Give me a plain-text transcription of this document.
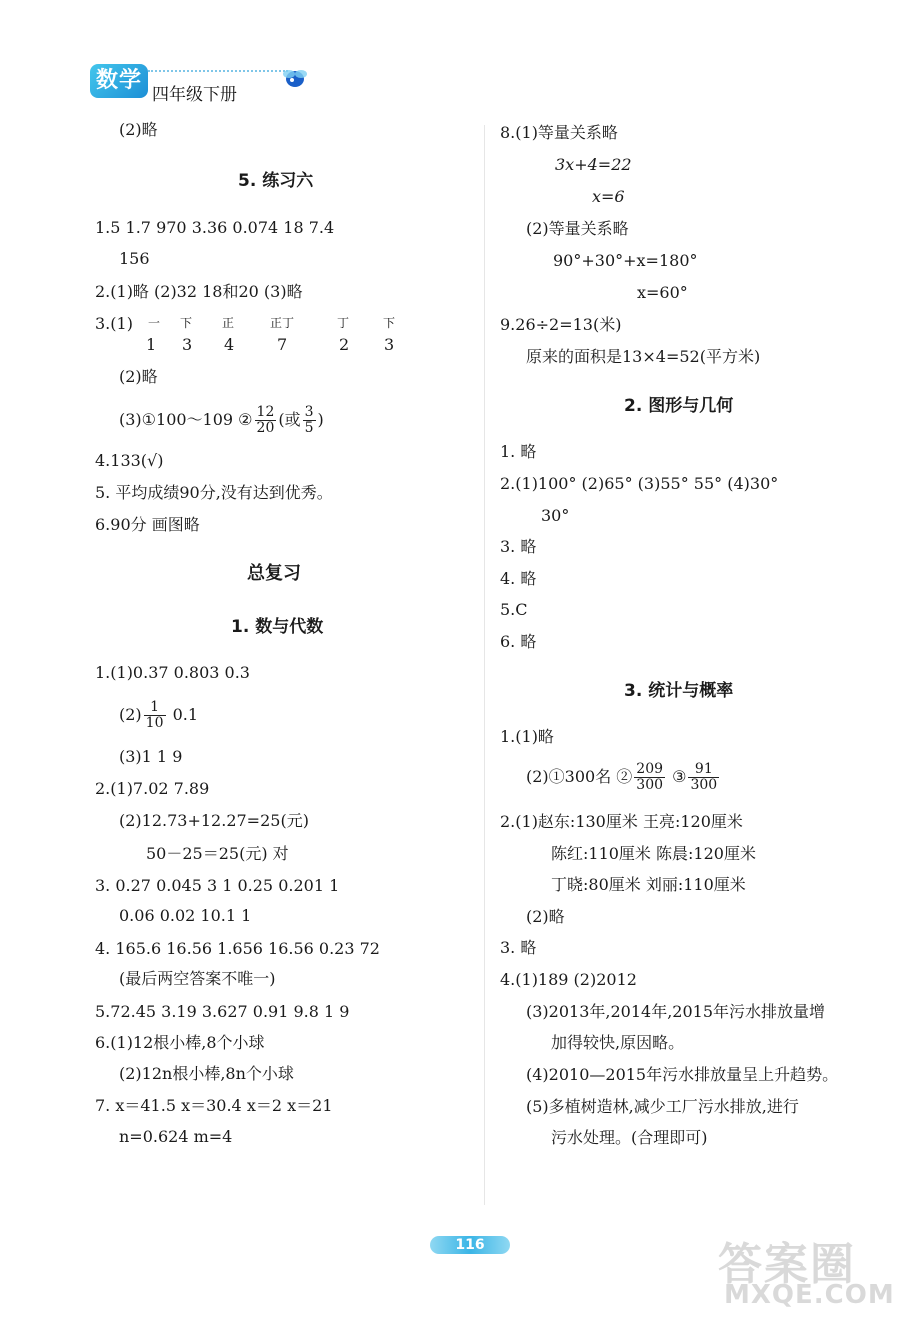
数学
四年级下册
(2)略
5. 练习六
1.5 1.7 970 3.36 0.074 18 7.4
156
2.(1)略 (2)32 18和20 (3)略
3.(1) 一 下 正	正丁	丁	下
1 3 4	7	2 3
(2)略
(3)①100～109 ② $\frac{12}{20}$ (或 $\frac{3}{5}$ )
4.133(√)
5. 平均成绩90分,没有达到优秀。
6.90分 画图略
总复习
1. 数与代数
1.(1)0.37 0.803 0.3
$(2) \frac{1}{10} 0.1$
(3)1 1 9
2.(1)7.02 7.89
(2)12.73+12.27=25(元)
50－25＝25(元) 对
3. 0.27 0.045 3 1 0.25 0.201 1
0.06 0.02 10.1 1
4. 165.6 16.56 1.656 16.56 0.23 72
(最后两空答案不唯一)
5.72.45 3.19 3.627 0.91 9.8 1 9
6.(1)12根小棒,8个小球
(2)12n根小棒,8n个小球
7. x＝41.5 x＝30.4 x＝2 x＝21
n=0.624 m=4
8.(1)等量关系略
3x+4=22
x=6
(2)等量关系略
90°+30°+x=180°
x=60°
9.26÷2=13(米)
原来的面积是13×4=52(平方米)
2. 图形与几何
1. 略
2.(1)100° (2)65° (3)55° 55° (4)30°
30°
3. 略
4. 略
5.C
6. 略
3. 统计与概率
1.(1)略
(2)①300名 ② $\frac{209}{300}$ ③ $\frac{91}{300}$
2.(1)赵东:130厘米 王亮:120厘米
陈红:110厘米 陈晨:120厘米
丁晓:80厘米 刘丽:110厘米
(2)略
3. 略
4.(1)189 (2)2012
(3)2013年,2014年,2015年污水排放量增
加得较快,原因略。
(4)2010—2015年污水排放量呈上升趋势。
(5)多植树造林,减少工厂污水排放,进行
污水处理。(合理即可)
116	答案圈
MXQE.COM
